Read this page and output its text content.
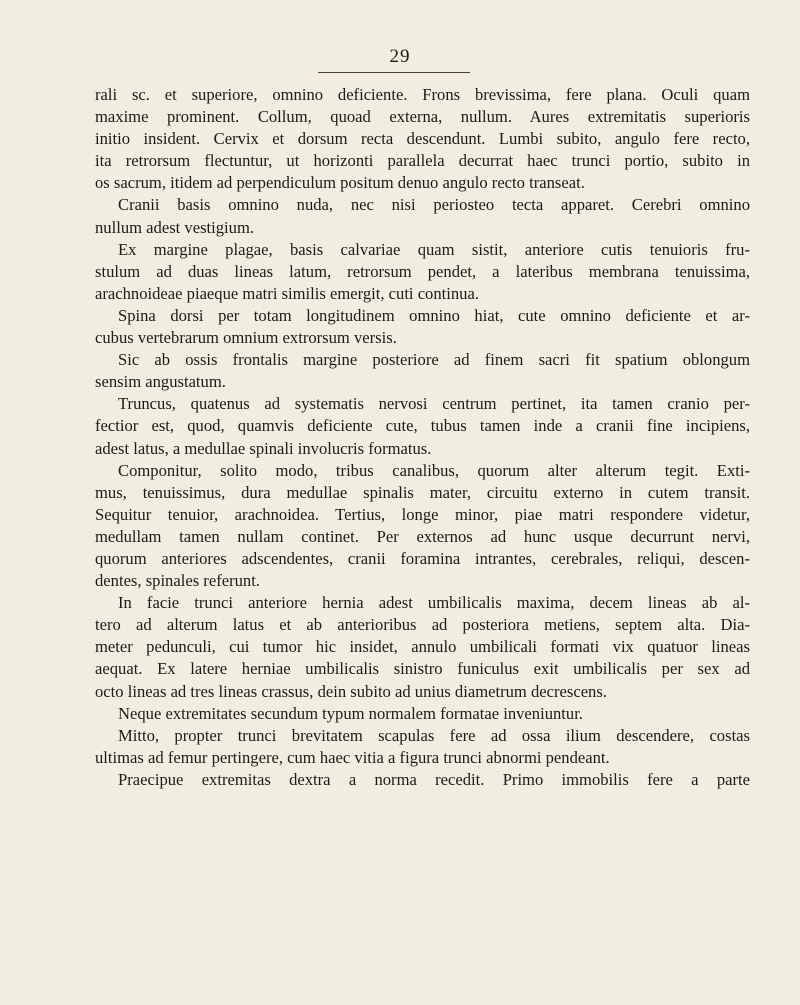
29
rali sc. et superiore, omnino deficiente. Frons brevissima, fere plana. Oculi quam
maxime prominent. Collum, quoad externa, nullum. Aures extremitatis superioris
initio insident. Cervix et dorsum recta descendunt. Lumbi subito, angulo fere recto,
ita retrorsum flectuntur, ut horizonti parallela decurrat haec trunci portio, subito in
os sacrum, itidem ad perpendiculum positum denuo angulo recto transeat.
Cranii basis omnino nuda, nec nisi periosteo tecta apparet. Cerebri omnino
nullum adest vestigium.
Ex margine plagae, basis calvariae quam sistit, anteriore cutis tenuioris fru-
stulum ad duas lineas latum, retrorsum pendet, a lateribus membrana tenuissima,
arachnoideae piaeque matri similis emergit, cuti continua.
Spina dorsi per totam longitudinem omnino hiat, cute omnino deficiente et ar-
cubus vertebrarum omnium extrorsum versis.
Sic ab ossis frontalis margine posteriore ad finem sacri fit spatium oblongum
sensim angustatum.
Truncus, quatenus ad systematis nervosi centrum pertinet, ita tamen cranio per-
fectior est, quod, quamvis deficiente cute, tubus tamen inde a cranii fine incipiens,
adest latus, a medullae spinali involucris formatus.
Componitur, solito modo, tribus canalibus, quorum alter alterum tegit. Exti-
mus, tenuissimus, dura medullae spinalis mater, circuitu externo in cutem transit.
Sequitur tenuior, arachnoidea. Tertius, longe minor, piae matri respondere videtur,
medullam tamen nullam continet. Per externos ad hunc usque decurrunt nervi,
quorum anteriores adscendentes, cranii foramina intrantes, cerebrales, reliqui, descen-
dentes, spinales referunt.
In facie trunci anteriore hernia adest umbilicalis maxima, decem lineas ab al-
tero ad alterum latus et ab anterioribus ad posteriora metiens, septem alta. Dia-
meter pedunculi, cui tumor hic insidet, annulo umbilicali formati vix quatuor lineas
aequat. Ex latere herniae umbilicalis sinistro funiculus exit umbilicalis per sex ad
octo lineas ad tres lineas crassus, dein subito ad unius diametrum decrescens.
Neque extremitates secundum typum normalem formatae inveniuntur.
Mitto, propter trunci brevitatem scapulas fere ad ossa ilium descendere, costas
ultimas ad femur pertingere, cum haec vitia a figura trunci abnormi pendeant.
Praecipue extremitas dextra a norma recedit. Primo immobilis fere a parte
